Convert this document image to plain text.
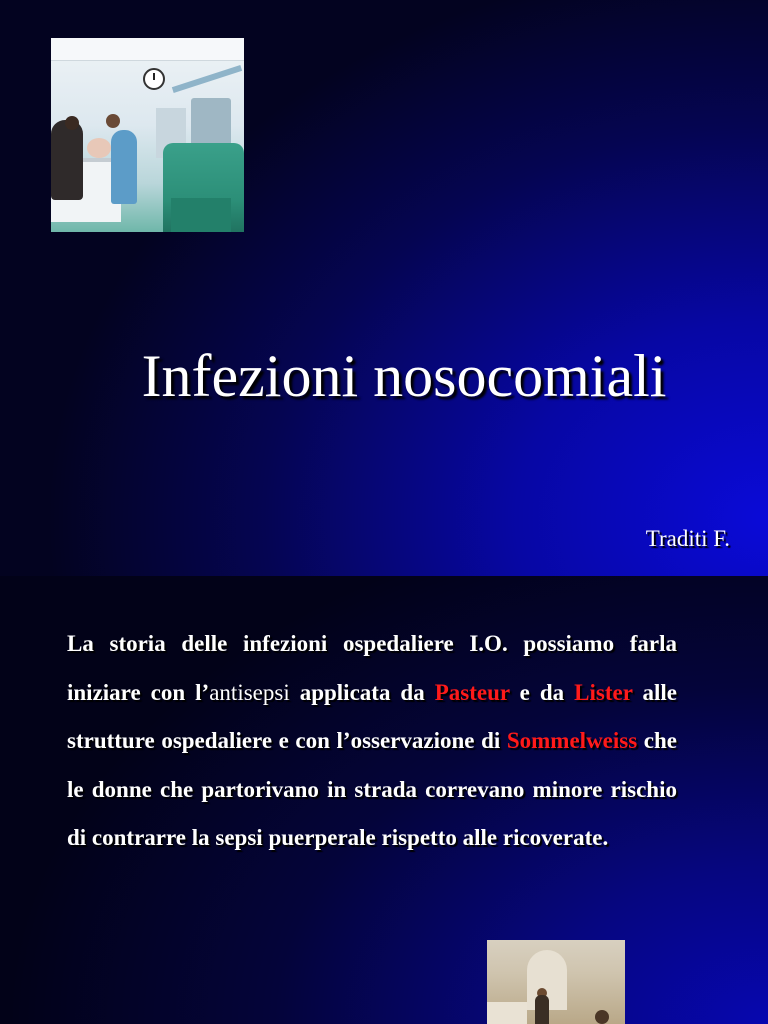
Infezioni nosocomiali
Traditi F.
La storia delle infezioni ospedaliere I.O. possiamo farla iniziare con l’antisepsi applicata da Pasteur e da Lister alle strutture ospedaliere e con l’osservazione di Sommelweiss che le donne che partorivano in strada correvano minore rischio di contrarre la sepsi puerperale rispetto alle ricoverate.
